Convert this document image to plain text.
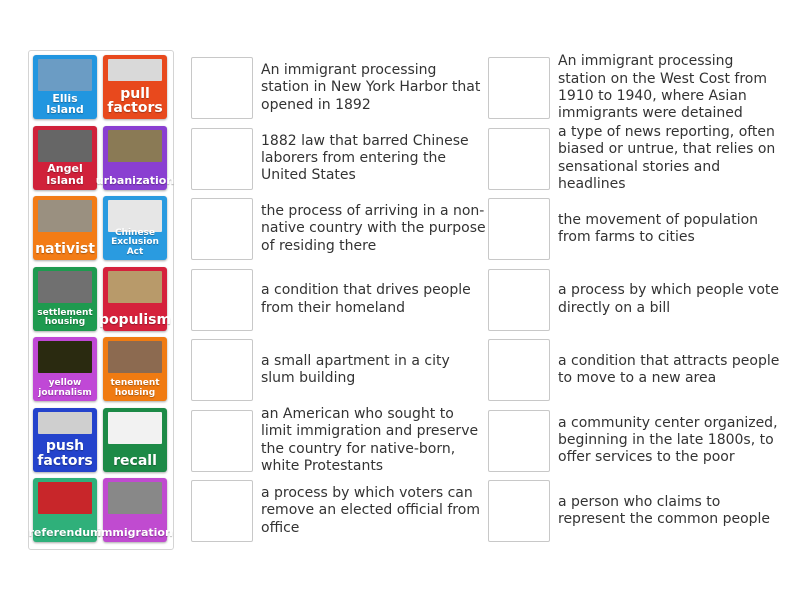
Ellis Island
pull factors
Angel Island	urbanization
nativist
Chinese Exclusion Act
settlement housing populism
yellow journalism
tenement housing
push factors	recall
referendum
immigration
An immigrant processing station in New York Harbor that opened in 1892
1882 law that barred Chinese laborers from entering the United States
the process of arriving in a non-native country with the purpose of residing there
a condition that drives people from their homeland
a small apartment in a city slum building
an American who sought to limit immigration and preserve the country for native-born, white Protestants
a process by which voters can remove an elected official from office
An immigrant processing station on the West Cost from 1910 to 1940, where Asian immigrants were detained
a type of news reporting, often biased or untrue, that relies on sensational stories and headlines
the movement of population from farms to cities
a process by which people vote directly on a bill
a condition that attracts people to move to a new area
a community center organized, beginning in the late 1800s, to offer services to the poor
a person who claims to represent the common people
